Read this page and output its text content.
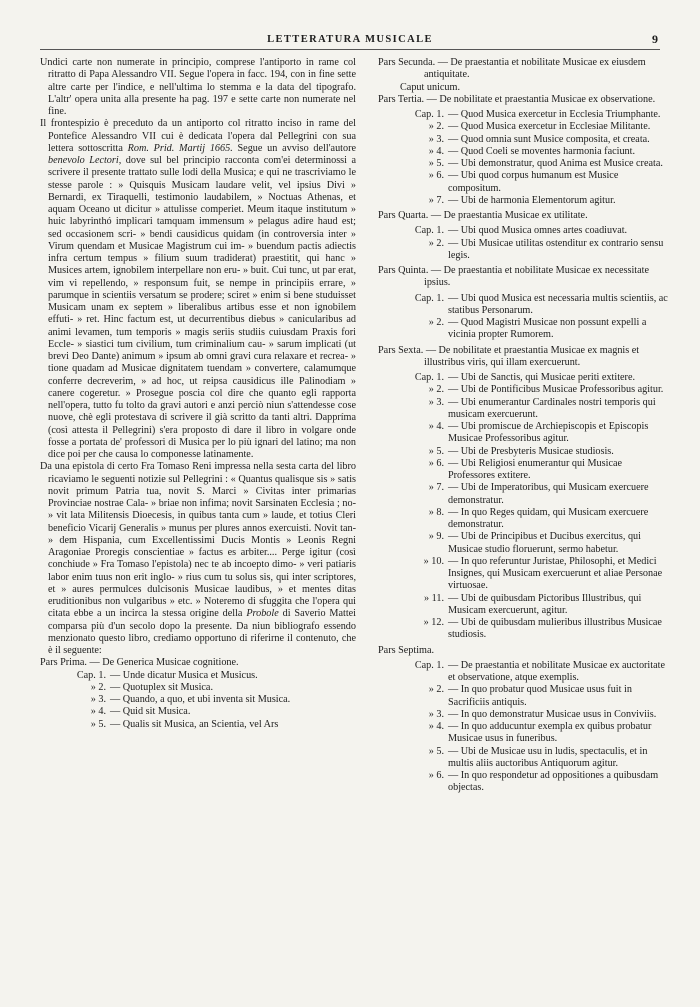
LETTERATURA MUSICALE	9

Undici carte non numerate in principio, comprese l'antiporto in rame col ritratto di Papa Alessandro VII. Segue l'opera in facc. 194, con in fine sette altre carte per l'indice, e nell'ultima lo stemma e la data del tipografo. L'altr' opera unita alla presente ha pag. 197 e sette carte non numerate nel fine.

Il frontespizio è preceduto da un antiporto col ritratto inciso in rame del Pontefice Alessandro VII cui è dedicata l'opera dal Pellegrini con sua lettera sottoscritta Rom. Prid. Martij 1665. Segue un avviso dell'autore benevolo Lectori, dove sul bel principio racconta com'ei determinossi a scrivere il presente trattato sulle lodi della Musica; e qui ne trascriviamo le stesse parole : » Quisquis Musicam laudare velit, vel ipsius Divi » Bernardi, ex Tiraquelli, testimonio laudabilem, » Noctuas Athenas, et aquam Oceano ut dicitur » attulisse comperiet. Meum itaque institutum » huic labyrinthó implicari tamquam immensum » pelagus adire haud est; sed occasionem scri- » bendi causidicus quidam (in controversia inter » Virum quendam et Musicae Magistrum cui im- » buendum pactis adiectis infra certum tempus » filium suum tradiderat) praestitit, qui hanc » Musices artem, ignobilem interpellare non eru- » buit. Cui tunc, ut par erat, vim vi repellendo, » responsum fuit, se nempe in principiis errare, » parumque in scientiis versatum se prodere; sciret » enim si bene studuisset Musicam unam ex septem » liberalibus artibus esse et non ignobilem effuti- » ret. Hinc factum est, ut decurrentibus diebus » canicularibus ad animi levamen, tum temporis » magis seriis studiis cuiusdam Praxis fori Eccle- » siastici tum civilium, tum criminalium cau- » sarum implicati (ut brevi Deo Dante) animum » ipsum ab omni gravi cura relaxare et recrea- » tione quadam ad Musicae dignitatem tuendam » convertere, calamumque conferre decreverim, » ad hoc, ut reipsa causidicus ille Palinodiam » canere cogeretur. » Prosegue poscia col dire che quanto egli rapporta nell'opera, tutto fu tolto da gravi autori e anzi perciò niun s'attendesse cose nuove, chè egli protestava di scrivere il già scritto da tanti altri. Dappríma (così attesta il Pellegrini) s'era proposto di dare il libro in volgare onde fosse a portata de' professori di Musica per lo più ignari del latino; ma non dice poi per che causa lo componesse latinamente.

Da una epistola di certo Fra Tomaso Reni impressa nella sesta carta del libro ricaviamo le seguenti notizie sul Pellegrini : « Quantus qualisque sis » satis novit primum Patria tua, novit S. Marci » Civitas inter primarias Provinciae nostrae Cala- » briae non infima; novit Sarsinaten Ecclesia ; no- » vit lata Militensis Dioecesis, in quibus tanta cum » laude, et totius Cleri beneficio Vicarij Generalis » munus per plures annos exercuisti. Novit tan- » dem Hispania, cum Excellentissimi Ducis Montis » Leonis Regni Aragoniae Proregis conscientiae » factus es arbiter.... Perge igitur (così conchiude » Fra Tomaso l'epistola) nec te ab incoepto dimo- » veri patiaris labor enim tuus non erit inglo- » rius cum tu solus sis, qui inter scriptores, et » aures permulces dulcisonis Musicae laudibus, » et mentes ditas eruditionibus non vulgaribus » etc. » Noteremo di sfuggita che l'opera qui citata ebbe a un incirca la stessa origine della Probole di Saverio Mattei comparsa più d'un secolo dopo la presente. Da niun bibliografo essendo menzionato questo libro, crediamo opportuno di riferirne il contenuto, che è il seguente:

Pars Prima. — De Generica Musicae cognitione.

Cap. 1. — Unde dicatur Musica et Musicus.
» 2. — Quotuplex sit Musica.
» 3. — Quando, a quo, et ubi inventa sit Musica.
» 4. — Quid sit Musica.
» 5. — Qualis sit Musica, an Scientia, vel Ars

Pars Secunda. — De praestantia et nobilitate Musicae ex eiusdem antiquitate.

Caput unicum.

Pars Tertia. — De nobilitate et praestantia Musicae ex observatione.

Cap. 1. — Quod Musica exercetur in Ecclesia Triumphante.
» 2. — Quod Musica exercetur in Ecclesiae Militante.
» 3. — Quod omnia sunt Musice composita, et creata.
» 4. — Quod Coeli se moventes harmonia faciunt.
» 5. — Ubi demonstratur, quod Anima est Musice creata.
» 6. — Ubi quod corpus humanum est Musice compositum.
» 7. — Ubi de harmonia Elementorum agitur.

Pars Quarta. — De praestantia Musicae ex utilitate.

Cap. 1. — Ubi quod Musica omnes artes coadiuvat.
» 2. — Ubi Musicae utilitas ostenditur ex contrario sensu legis.

Pars Quinta. — De praestantia et nobilitate Musicae ex necessitate ipsius.

Cap. 1. — Ubi quod Musica est necessaria multis scientiis, ac statibus Personarum.
» 2. — Quod Magistri Musicae non possunt expelli a vicinia propter Rumorem.

Pars Sexta. — De nobilitate et praestantia Musicae ex magnis et illustribus viris, qui illam exercuerunt.

Cap. 1. — Ubi de Sanctis, qui Musicae periti extitere.
» 2. — Ubi de Pontificibus Musicae Professoribus agitur.
» 3. — Ubi enumerantur Cardinales nostri temporis qui musicam exercuerunt.
» 4. — Ubi promiscue de Archiepiscopis et Episcopis Musicae Professoribus agitur.
» 5. — Ubi de Presbyteris Musicae studiosis.
» 6. — Ubi Religiosi enumerantur qui Musicae Professores extitere.
» 7. — Ubi de Imperatoribus, qui Musicam exercuere demonstratur.
» 8. — In quo Reges quidam, qui Musicam exercuere demonstratur.
» 9. — Ubi de Principibus et Ducibus exercitus, qui Musicae studio floruerunt, sermo habetur.
» 10. — In quo referuntur Juristae, Philosophi, et Medici Insignes, qui Musicam exercuerunt et aliae Personae virtuosae.
» 11. — Ubi de quibusdam Pictoribus Illustribus, qui Musicam exercuerunt, agitur.
» 12. — Ubi de quibusdam mulieribus illustribus Musicae studiosis.

Pars Septima.

Cap. 1. — De praestantia et nobilitate Musicae ex auctoritate et observatione, atque exemplis.
» 2. — In quo probatur quod Musicae usus fuit in Sacrificiis antiquis.
» 3. — In quo demonstratur Musicae usus in Conviviis.
» 4. — In quo adducuntur exempla ex quibus probatur Musicae usus in funeribus.
» 5. — Ubi de Musicae usu in ludis, spectaculis, et in multis aliis auctoribus Antiquorum agitur.
» 6. — In quo respondetur ad oppositiones a quibusdam objectas.
